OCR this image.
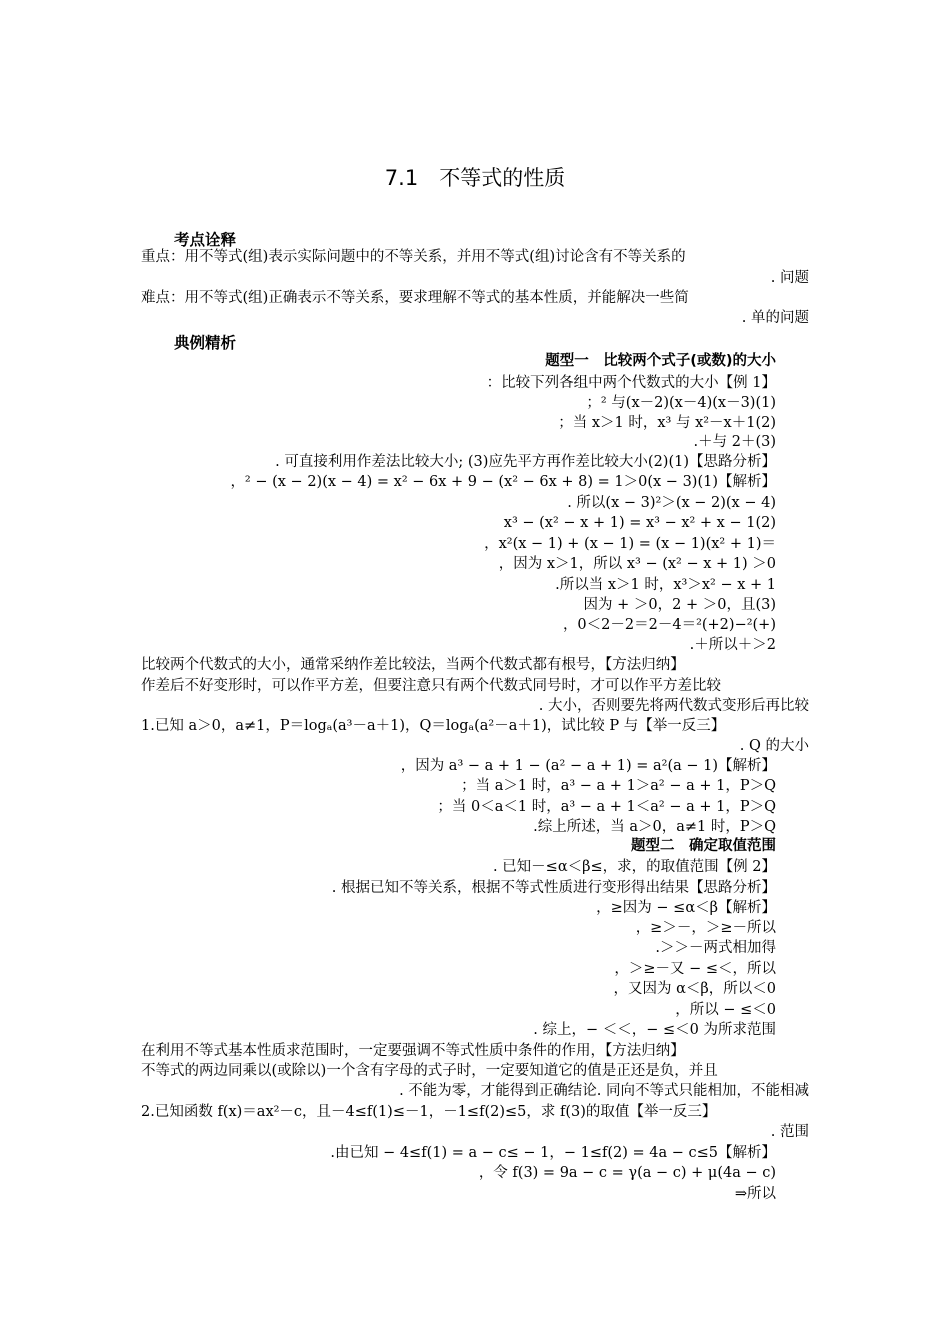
7.1　不等式的性质
考点诠释
重点：用不等式(组)表示实际问题中的不等关系，并用不等式(组)讨论含有不等关系的
. 问题
难点：用不等式(组)正确表示不等关系，要求理解不等式的基本性质，并能解决一些简
. 单的问题
典例精析
题型一　比较两个式子(或数)的大小
：比较下列各组中两个代数式的大小【例 1】
；² 与(x－2)(x－4)(x－3)(1)
；当 x＞1 时，x³ 与 x²－x＋1(2)
.＋与 2＋(3)
. 可直接利用作差法比较大小; (3)应先平方再作差比较大小(2)(1)【思路分析】
，² − (x − 2)(x − 4) = x² − 6x + 9 − (x² − 6x + 8) = 1＞0(x − 3)(1)【解析】
. 所以(x − 3)²＞(x − 2)(x − 4)
x³ − (x² − x + 1) = x³ − x² + x − 1(2)
，x²(x − 1) + (x − 1) = (x − 1)(x² + 1)＝
，因为 x＞1，所以 x³ − (x² − x + 1) ＞0
.所以当 x＞1 时，x³＞x² − x + 1
因为 + ＞0，2 + ＞0，且(3)
，0＜2－2＝2－4＝²(+2)−²(+)
.＋所以＋＞2
比较两个代数式的大小，通常采纳作差比较法，当两个代数式都有根号，【方法归纳】
作差后不好变形时，可以作平方差，但要注意只有两个代数式同号时，才可以作平方差比较
. 大小，否则要先将两代数式变形后再比较
1.已知 a＞0，a≠1，P＝logₐ(a³－a＋1)，Q＝logₐ(a²－a＋1)，试比较 P 与【举一反三】
. Q 的大小
，因为 a³ − a + 1 − (a² − a + 1) = a²(a − 1)【解析】
；当 a＞1 时，a³ − a + 1＞a² − a + 1，P＞Q
；当 0＜a＜1 时，a³ − a + 1＜a² − a + 1，P＞Q
.综上所述，当 a＞0，a≠1 时，P＞Q
题型二　确定取值范围
. 已知－≤α＜β≤，求，的取值范围【例 2】
. 根据已知不等关系，根据不等式性质进行变形得出结果【思路分析】
，≥因为 − ≤α＜β【解析】
，≥＞－，＞≥－所以
.＞＞－两式相加得
，＞≥－又 − ≤＜，所以
，又因为 α＜β，所以＜0
，所以 − ≤＜0
. 综上，− ＜＜，− ≤＜0 为所求范围
在利用不等式基本性质求范围时，一定要强调不等式性质中条件的作用，【方法归纳】
不等式的两边同乘以(或除以)一个含有字母的式子时，一定要知道它的值是正还是负，并且
. 不能为零，才能得到正确结论. 同向不等式只能相加，不能相减
2.已知函数 f(x)＝ax²－c，且－4≤f(1)≤－1，－1≤f(2)≤5，求 f(3)的取值【举一反三】
. 范围
.由已知 − 4≤f(1) = a − c≤ − 1，− 1≤f(2) = 4a − c≤5【解析】
，令 f(3) = 9a − c = γ(a − c) + μ(4a − c)
⇒所以
